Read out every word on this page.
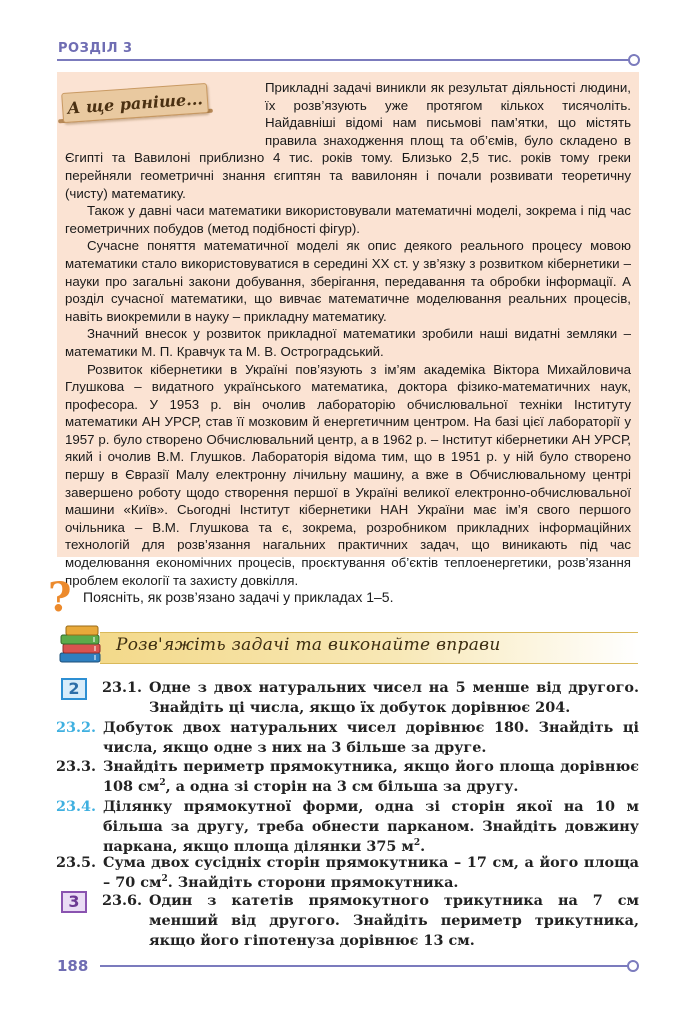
РОЗДІЛ 3

Прикладні задачі виникли як результат діяльності людини, їх розв’язують уже протягом кількох тисячоліть. Найдавніші відомі нам письмові пам’ятки, що містять правила знаходження площ та об’ємів, було складено в Єгипті та Вавилоні приблизно 4 тис. років тому. Близько 2,5 тис. років тому греки перейняли геометричні знання єгиптян та вавилонян і почали розвивати теоретичну (чисту) математику.

Також у давні часи математики використовували математичні моделі, зокрема і під час геометричних побудов (метод подібності фігур).

Сучасне поняття математичної моделі як опис деякого реального процесу мовою математики стало використовуватися в середині XX ст. у зв’язку з розвитком кібернетики – науки про загальні закони добування, зберігання, передавання та обробки інформації. А розділ сучасної математики, що вивчає математичне моделювання реальних процесів, навіть виокремили в науку – прикладну математику.

Значний внесок у розвиток прикладної математики зробили наші видатні земляки – математики М. П. Кравчук та М. В. Остроградський.

Розвиток кібернетики в Україні пов’язують з ім’ям академіка Віктора Михайловича Глушкова – видатного українського математика, доктора фізико-математичних наук, професора. У 1953 р. він очолив лабораторію обчислювальної техніки Інституту математики АН УРСР, став її мозковим й енергетичним центром. На базі цієї лабораторії у 1957 р. було створено Обчислювальний центр, а в 1962 р. – Інститут кібернетики АН УРСР, який і очолив В.М. Глушков. Лабораторія відома тим, що в 1951 р. у ній було створено першу в Євразії Малу електронну лічильну машину, а вже в Обчислювальному центрі завершено роботу щодо створення першої в Україні великої електронно-обчислювальної машини «Київ». Сьогодні Інститут кібернетики НАН України має ім’я свого першого очільника – В.М. Глушкова та є, зокрема, розробником прикладних інформаційних технологій для розв’язання нагальних практичних задач, що виникають під час моделювання економічних процесів, проєктування об’єктів теплоенергетики, розв’язання проблем екології та захисту довкілля.

А ще раніше...
? Поясніть, як розв’язано задачі у прикладах 1–5.
Розв'яжіть задачі та виконайте вправи
2
3
23.1. Одне з двох натуральних чисел на 5 менше від другого. Знайдіть ці числа, якщо їх добуток дорівнює 204.
23.2. Добуток двох натуральних чисел дорівнює 180. Знайдіть ці числа, якщо одне з них на 3 більше за друге.
23.3. Знайдіть периметр прямокутника, якщо його площа дорівнює 108 $см^2$, а одна зі сторін на 3 см більша за другу.
23.4. Ділянку прямокутної форми, одна зі сторін якої на 10 м більша за другу, треба обнести парканом. Знайдіть довжину паркана, якщо площа ділянки 375 $м^2$.
23.5. Сума двох сусідніх сторін прямокутника – 17 см, а його площа – 70 $см^2$. Знайдіть сторони прямокутника.
23.6. Один з катетів прямокутного трикутника на 7 см менший від другого. Знайдіть периметр трикутника, якщо його гіпотенуза дорівнює 13 см.
188
